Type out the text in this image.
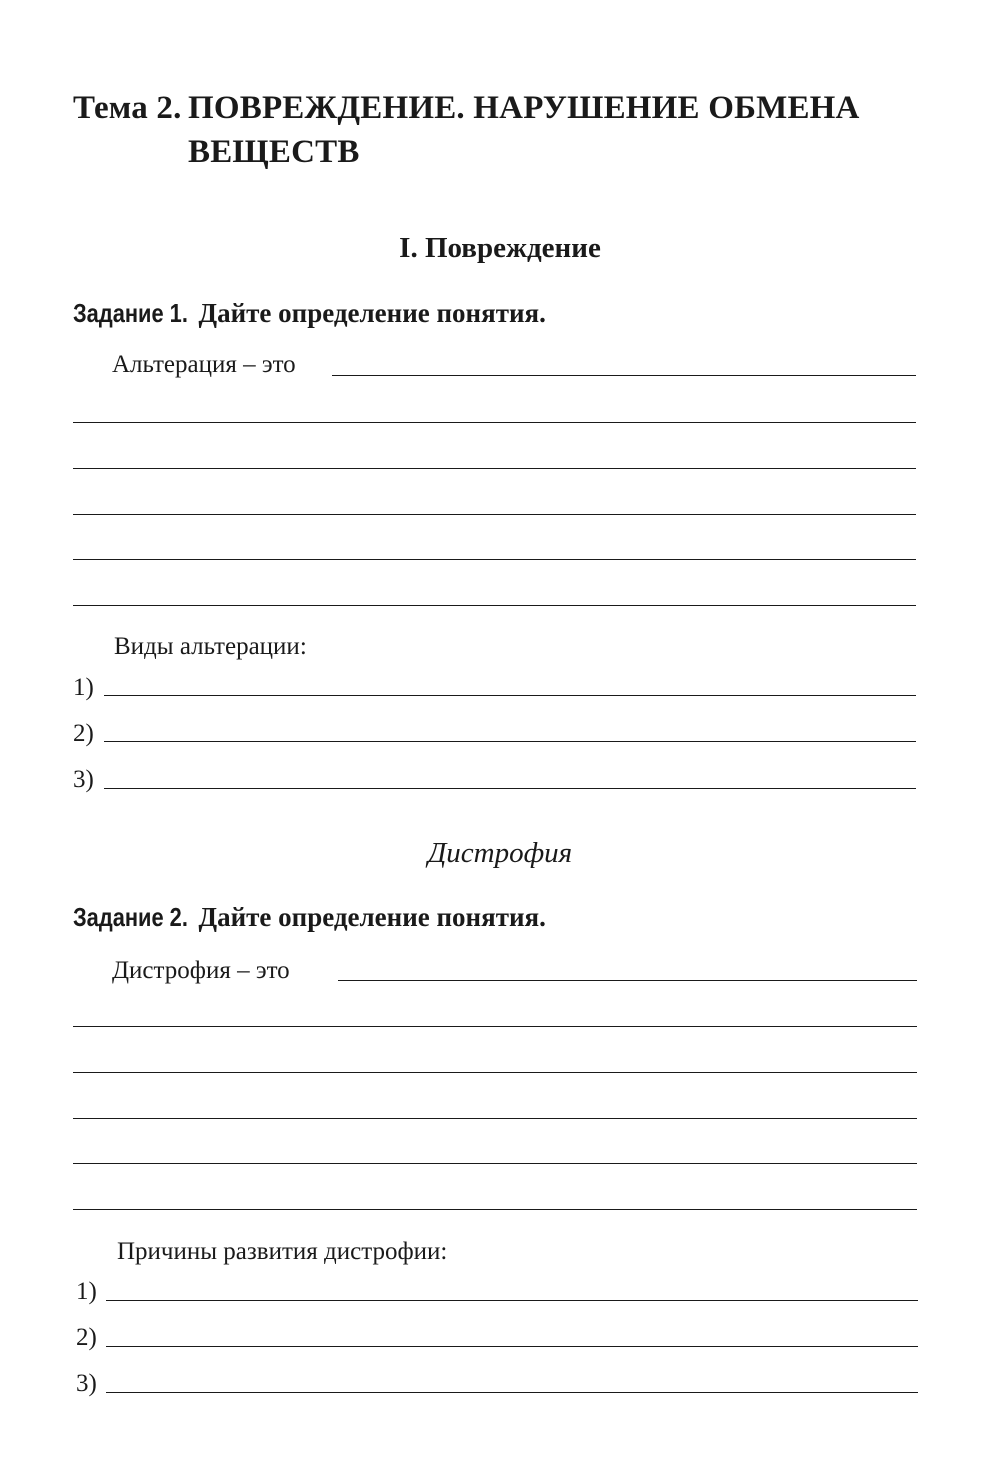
Тема 2. ПОВРЕЖДЕНИЕ. НАРУШЕНИЕ ОБМЕНА
ВЕЩЕСТВ
I. Повреждение
Задание 1. Дайте определение понятия.
Альтерация – это
Виды альтерации:
1)
2)
3)
Дистрофия
Задание 2. Дайте определение понятия.
Дистрофия – это
Причины развития дистрофии:
1)
2)
3)
